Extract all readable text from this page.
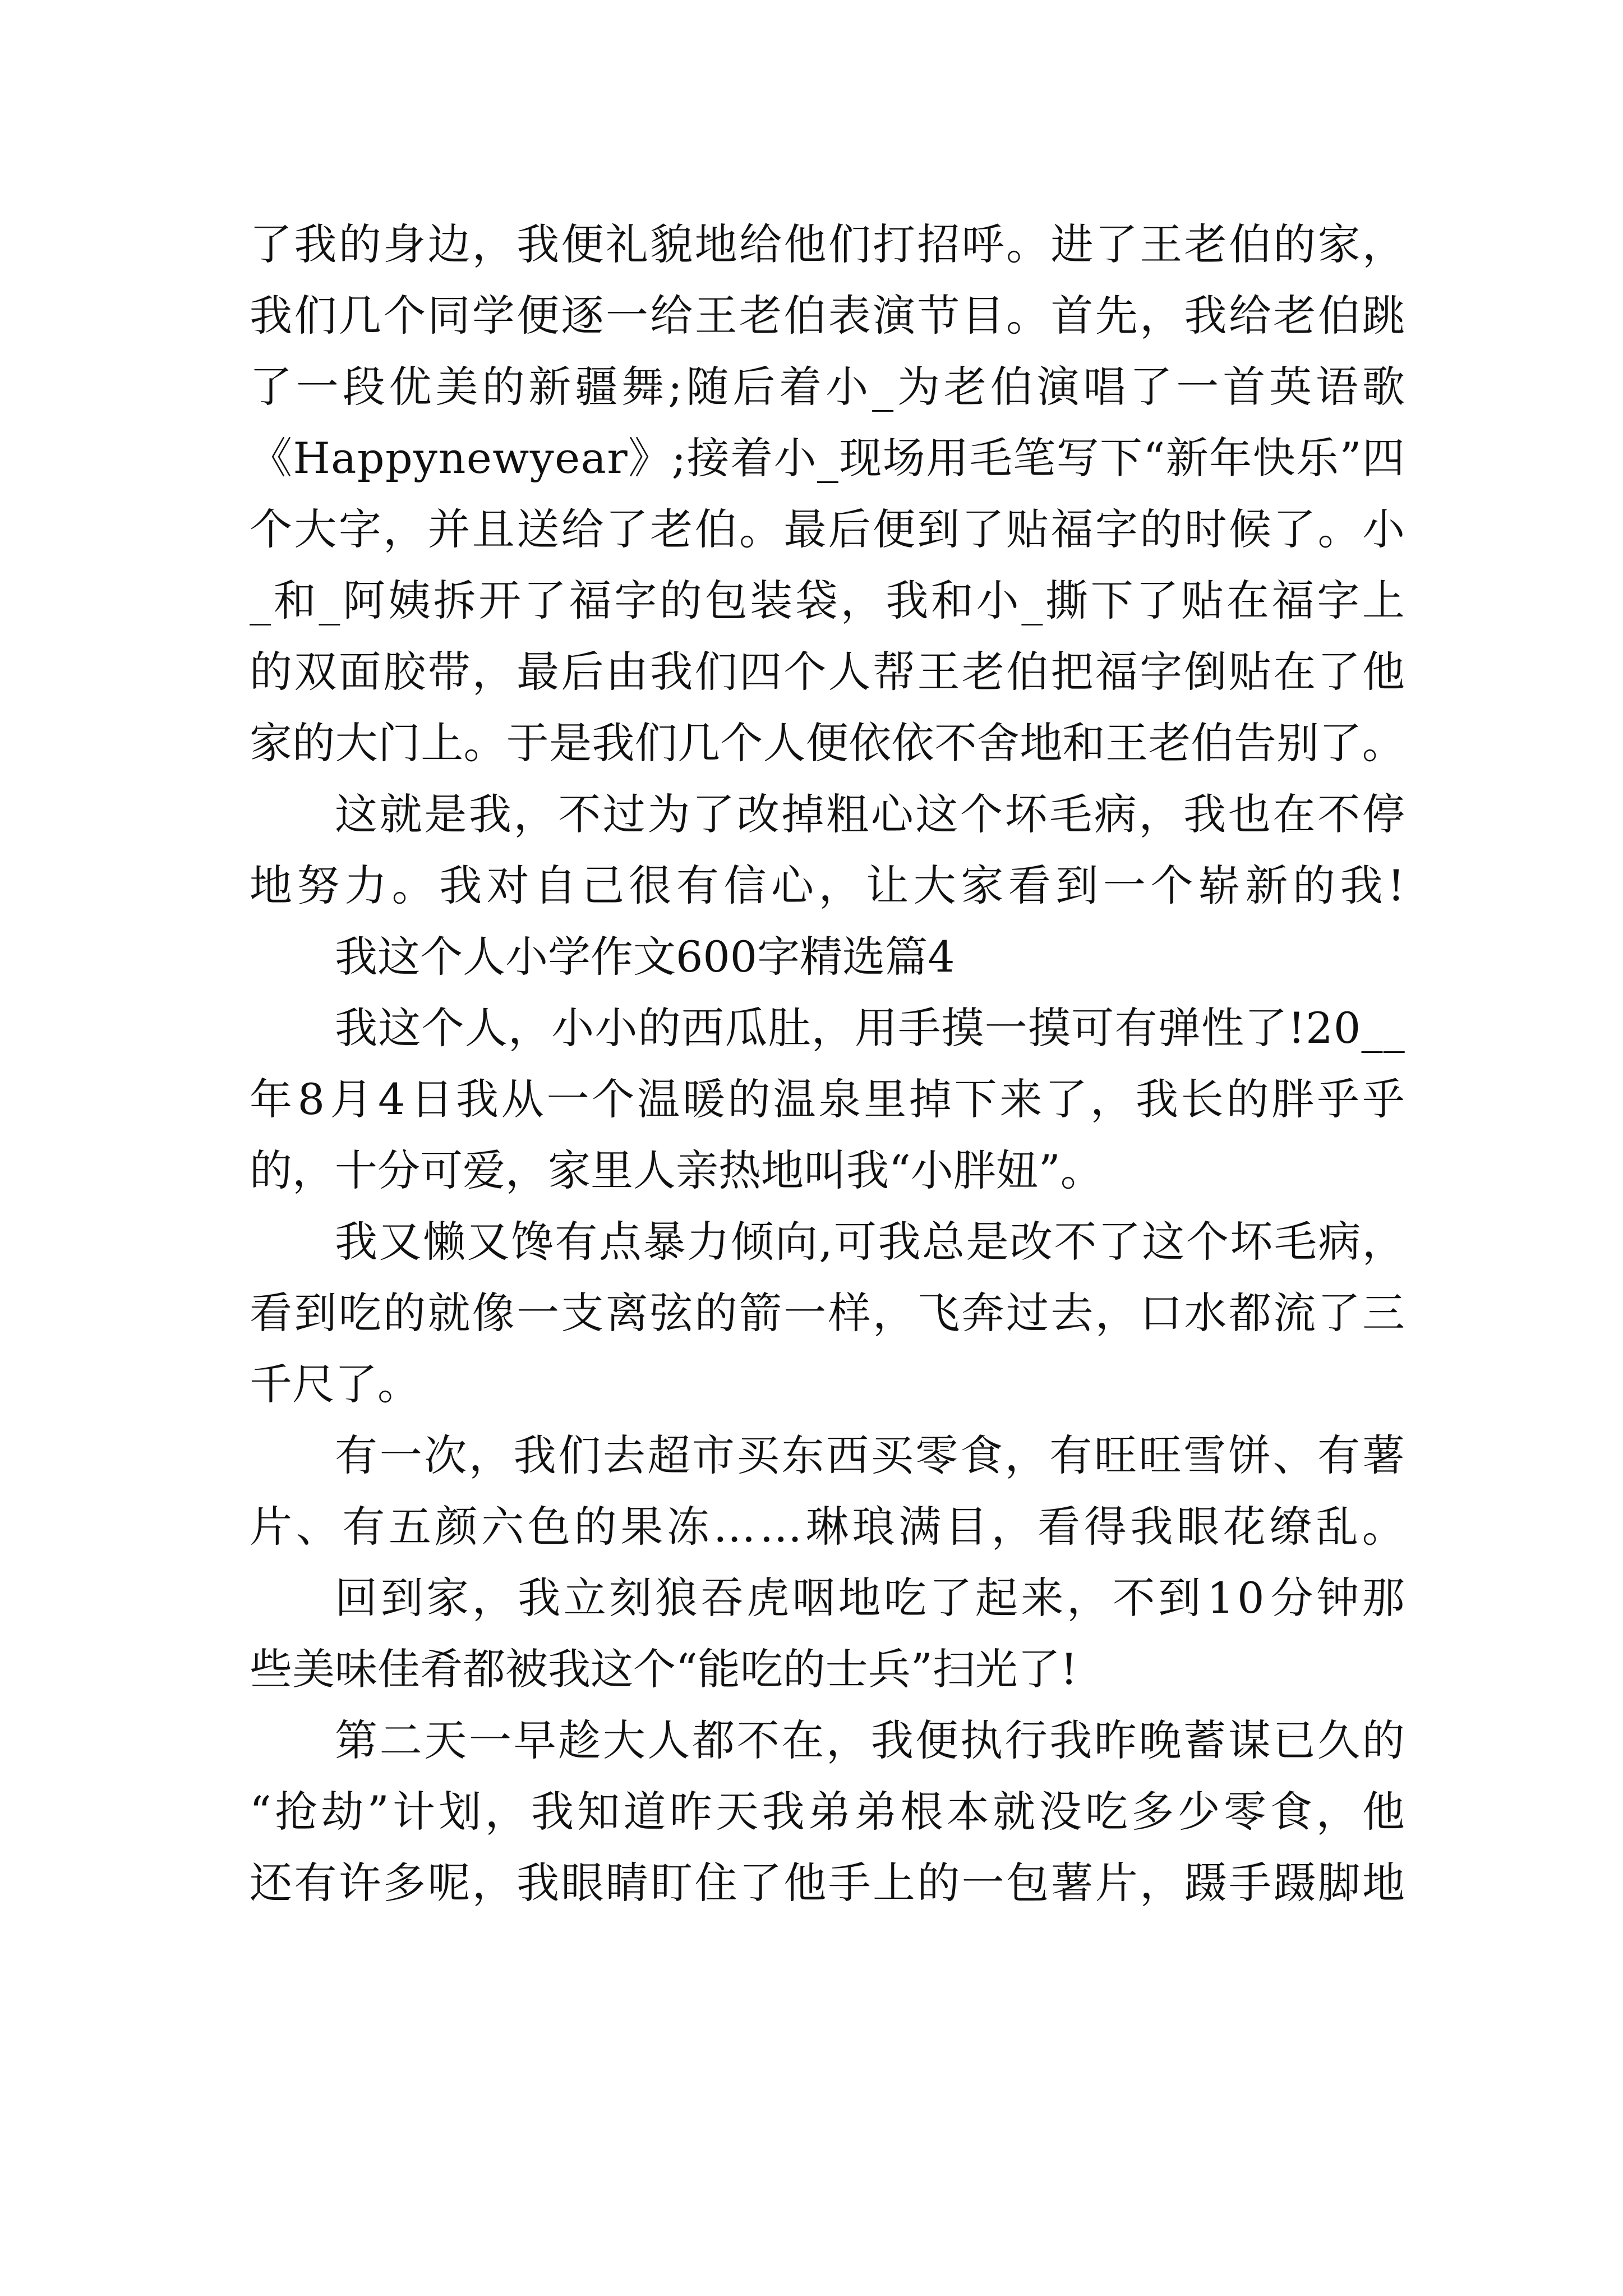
了我的身边，我便礼貌地给他们打招呼。进了王老伯的家，
我们几个同学便逐一给王老伯表演节目。首先，我给老伯跳
了一段优美的新疆舞;随后着小_为老伯演唱了一首英语歌
《Happynewyear》;接着小_现场用毛笔写下“新年快乐”四
个大字，并且送给了老伯。最后便到了贴福字的时候了。小
_和_阿姨拆开了福字的包装袋，我和小_撕下了贴在福字上
的双面胶带，最后由我们四个人帮王老伯把福字倒贴在了他
家的大门上。于是我们几个人便依依不舍地和王老伯告别了。
这就是我，不过为了改掉粗心这个坏毛病，我也在不停
地 努 力 。 我 对 自 己 很 有 信 心 ， 让 大 家 看 到 一 个 崭 新 的 我 !
我这个人小学作文600字精选篇4
我这个人，小小的西瓜肚，用手摸一摸可有弹性了!20__
年 8 月 4 日我从一个温暖的温泉里掉下来了，我长的胖乎乎
的，十分可爱，家里人亲热地叫我“小胖妞”。
我又懒又馋有点暴力倾向,可我总是改不了这个坏毛病，
看到吃的就像一支离弦的箭一样，飞奔过去，口水都流了三
千尺了。
有一次，我们去超市买东西买零食，有旺旺雪饼、有薯
片、有五颜六色的果冻……琳琅满目，看得我眼花缭乱。
回到家，我立刻狼吞虎咽地吃了起来，不到 10 分钟那
些美味佳肴都被我这个“能吃的士兵”扫光了!
第二天一早趁大人都不在，我便执行我昨晚蓄谋已久的
“抢劫”计划，我知道昨天我弟弟根本就没吃多少零食，他
还有许多呢，我眼睛盯住了他手上的一包薯片，蹑手蹑脚地
